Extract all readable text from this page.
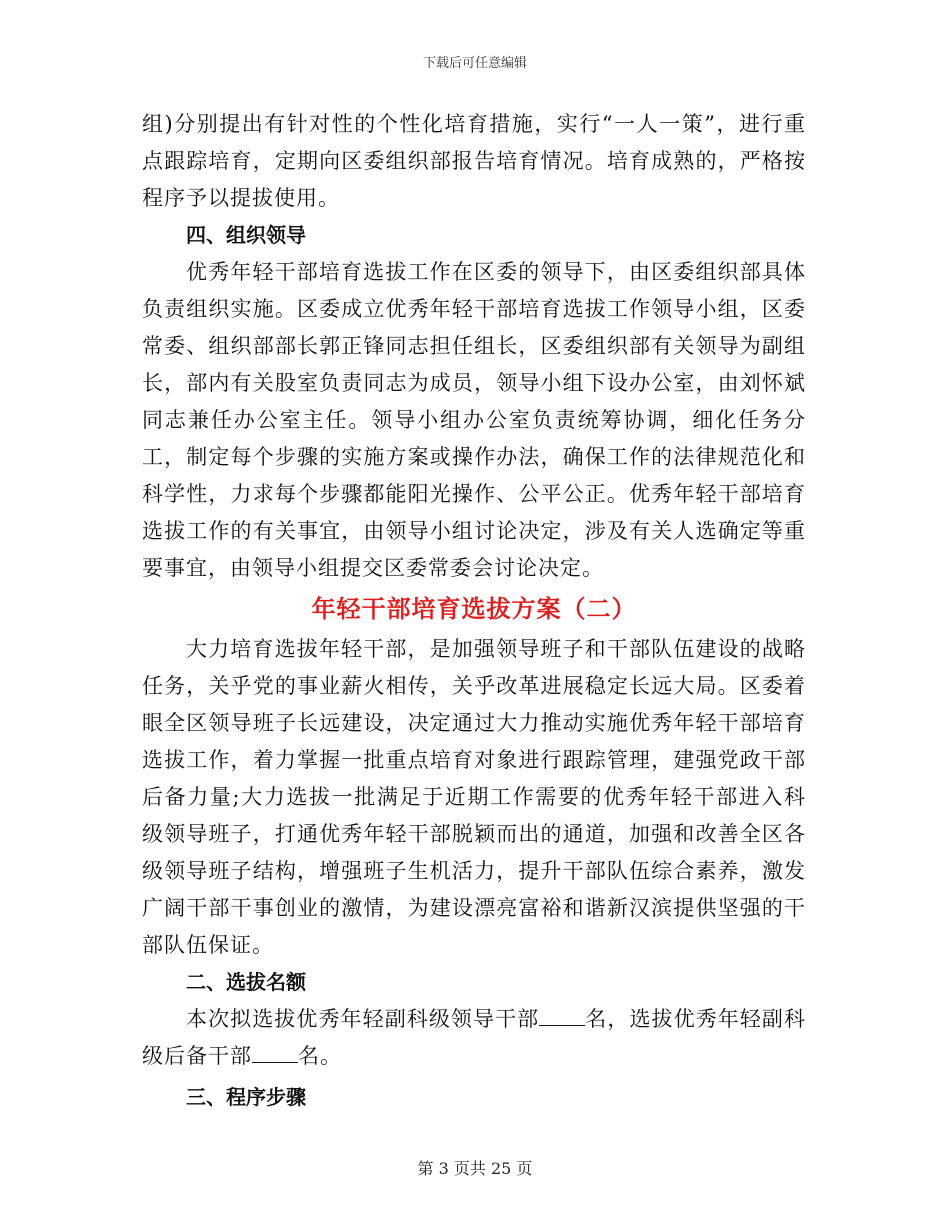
下载后可任意编辑

组)分别提出有针对性的个性化培育措施，实行“一人一策”，进行重点跟踪培育，定期向区委组织部报告培育情况。培育成熟的，严格按程序予以提拔使用。

四、组织领导

优秀年轻干部培育选拔工作在区委的领导下，由区委组织部具体负责组织实施。区委成立优秀年轻干部培育选拔工作领导小组，区委常委、组织部部长郭正锋同志担任组长，区委组织部有关领导为副组长，部内有关股室负责同志为成员，领导小组下设办公室，由刘怀斌同志兼任办公室主任。领导小组办公室负责统筹协调，细化任务分工，制定每个步骤的实施方案或操作办法，确保工作的法律规范化和科学性，力求每个步骤都能阳光操作、公平公正。优秀年轻干部培育选拔工作的有关事宜，由领导小组讨论决定，涉及有关人选确定等重要事宜，由领导小组提交区委常委会讨论决定。

年轻干部培育选拔方案（二）

大力培育选拔年轻干部，是加强领导班子和干部队伍建设的战略任务，关乎党的事业薪火相传，关乎改革进展稳定长远大局。区委着眼全区领导班子长远建设，决定通过大力推动实施优秀年轻干部培育选拔工作，着力掌握一批重点培育对象进行跟踪管理，建强党政干部后备力量;大力选拔一批满足于近期工作需要的优秀年轻干部进入科级领导班子，打通优秀年轻干部脱颖而出的通道，加强和改善全区各级领导班子结构，增强班子生机活力，提升干部队伍综合素养，激发广阔干部干事创业的激情，为建设漂亮富裕和谐新汉滨提供坚强的干部队伍保证。

二、选拔名额

本次拟选拔优秀年轻副科级领导干部 名，选拔优秀年轻副科级后备干部 名。

三、程序步骤
第 3 页共 25 页
